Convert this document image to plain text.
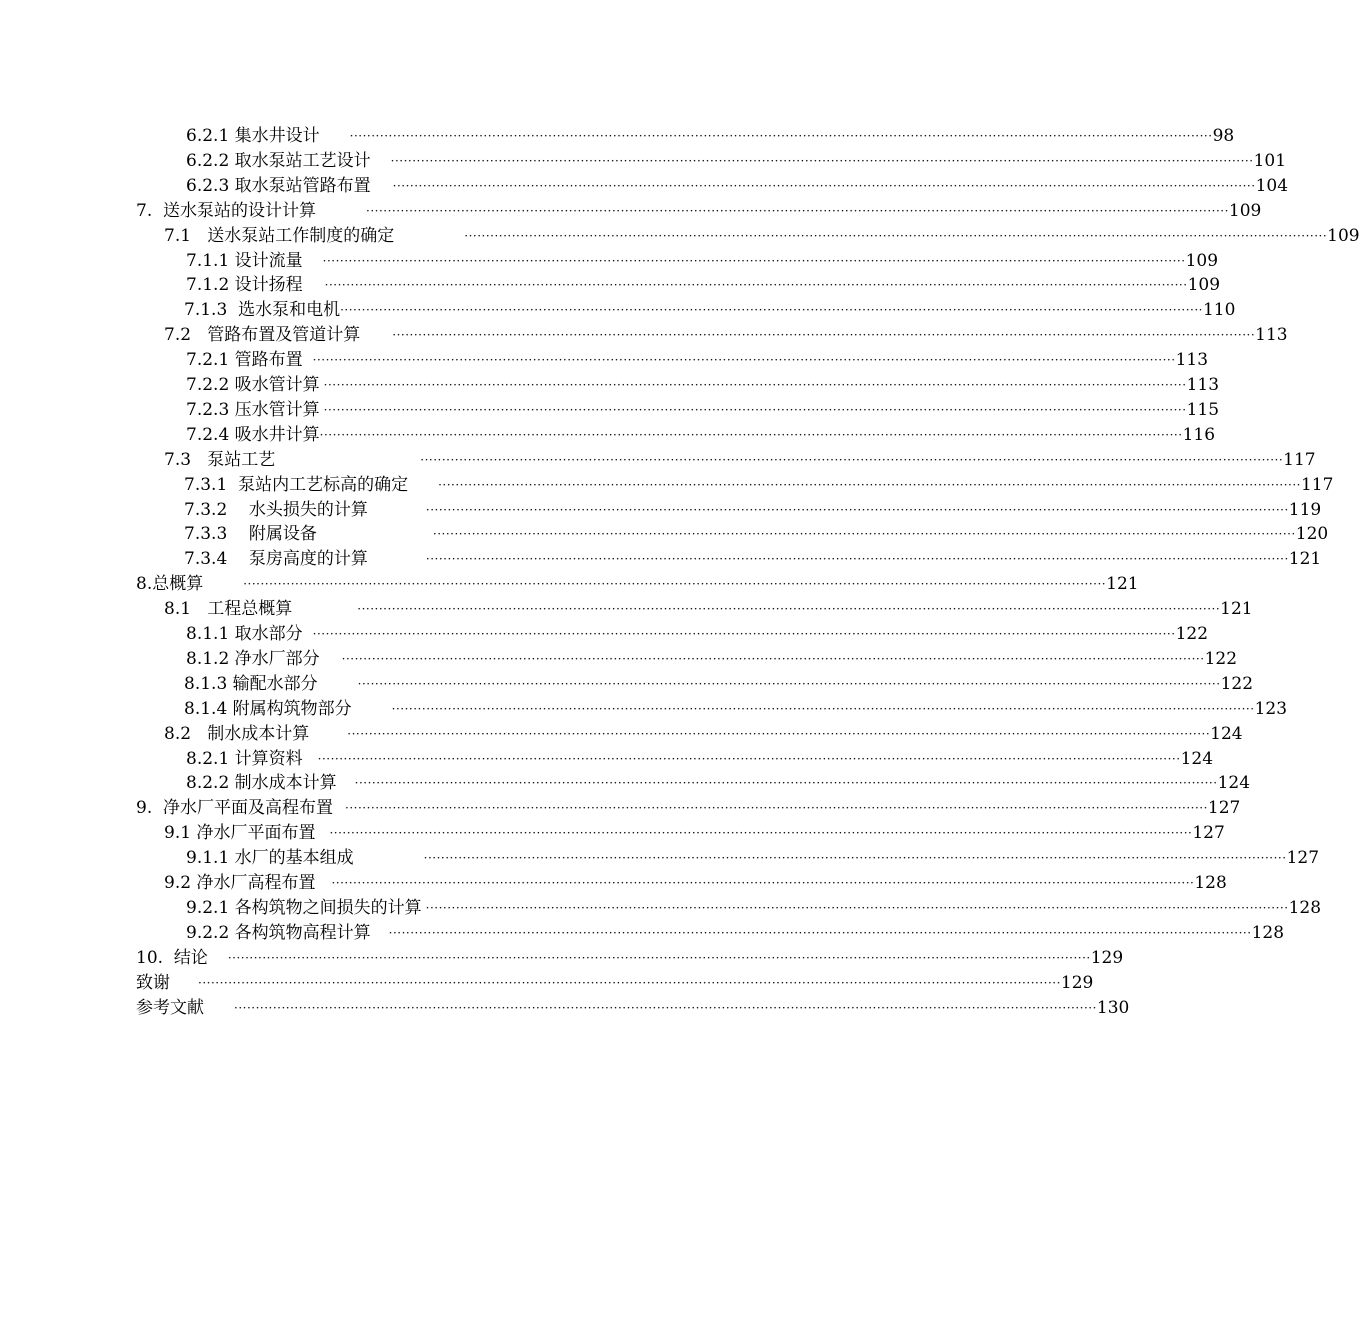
6.2.1 集水井设计	········································································································································································································ 98
6.2.2 取水泵站工艺设计 ········································································································································································································ 101
6.2.3 取水泵站管路布置 ········································································································································································································ 104
7.  送水泵站的设计计算	········································································································································································································ 109
7.1   送水泵站工作制度的确定	········································································································································································································ 109
7.1.1 设计流量 ········································································································································································································ 109
7.1.2 设计扬程 ········································································································································································································ 109
7.1.3  选水泵和电机 ········································································································································································································ 110
7.2   管路布置及管道计算	········································································································································································································ 113
7.2.1 管路布置 ········································································································································································································ 113
7.2.2 吸水管计算 ········································································································································································································ 113
7.2.3 压水管计算 ········································································································································································································ 115
7.2.4 吸水井计算 ········································································································································································································ 116
7.3   泵站工艺	········································································································································································································ 117
7.3.1  泵站内工艺标高的确定	········································································································································································································ 117
7.3.2    水头损失的计算	········································································································································································································ 119
7.3.3    附属设备	········································································································································································································ 120
7.3.4    泵房高度的计算	········································································································································································································ 121
8.总概算	········································································································································································································ 121
8.1   工程总概算	········································································································································································································ 121
8.1.1 取水部分 ········································································································································································································ 122
8.1.2 净水厂部分 ········································································································································································································ 122
8.1.3 输配水部分	········································································································································································································ 122
8.1.4 附属构筑物部分	········································································································································································································ 123
8.2   制水成本计算	········································································································································································································ 124
8.2.1 计算资料 ········································································································································································································ 124
8.2.2 制水成本计算 ········································································································································································································ 124
9.  净水厂平面及高程布置 ········································································································································································································ 127
9.1 净水厂平面布置 ········································································································································································································ 127
9.1.1 水厂的基本组成	········································································································································································································ 127
9.2 净水厂高程布置 ········································································································································································································ 128
9.2.1 各构筑物之间损失的计算 ········································································································································································································ 128
9.2.2 各构筑物高程计算 ········································································································································································································ 128
10.  结论 ········································································································································································································ 129
致谢 ········································································································································································································ 129
参考文献	········································································································································································································ 130
